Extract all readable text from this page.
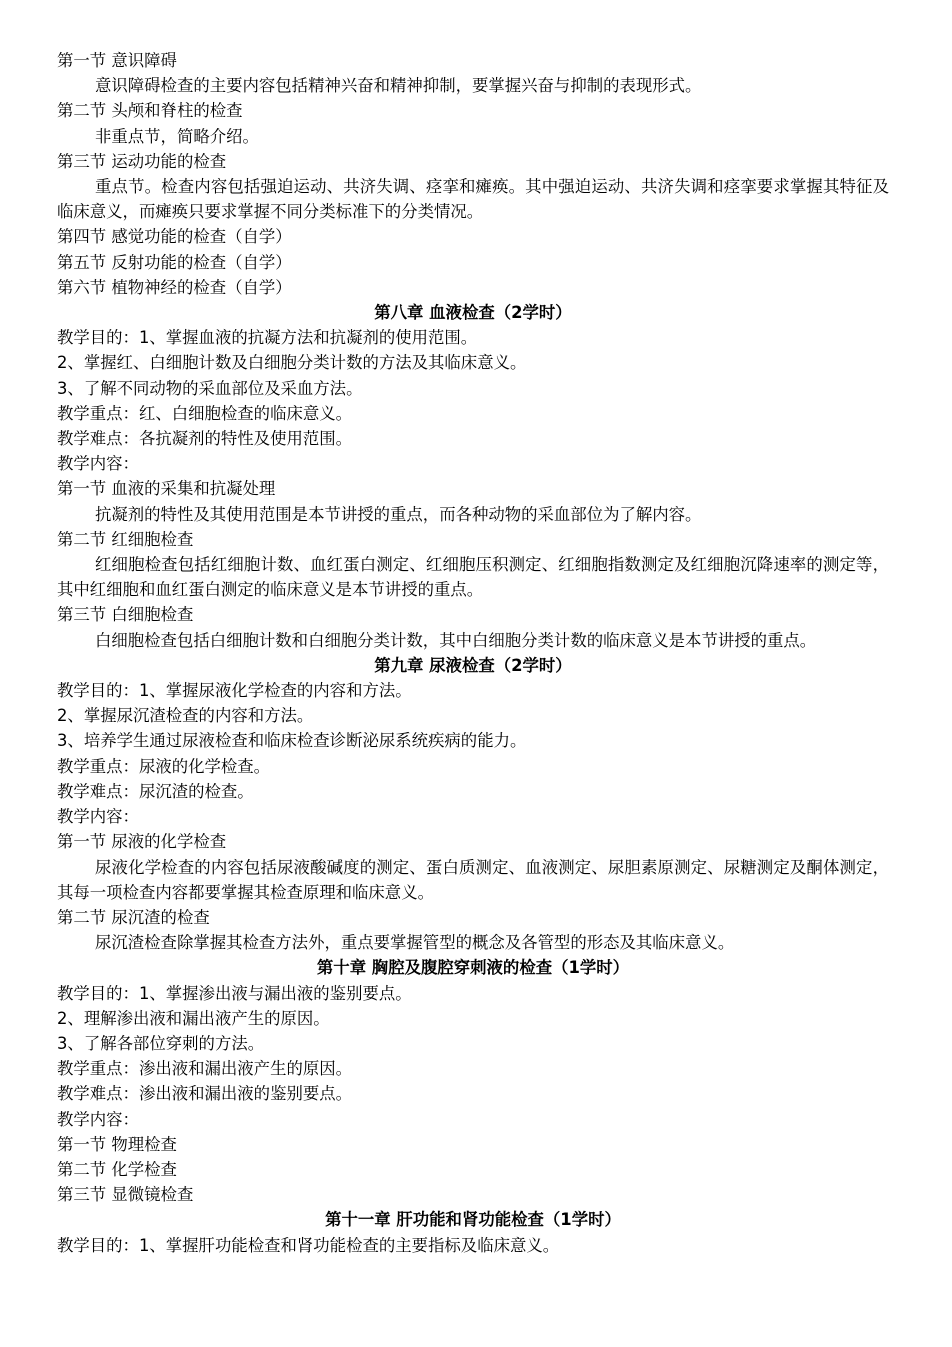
第一节 意识障碍

意识障碍检查的主要内容包括精神兴奋和精神抑制，要掌握兴奋与抑制的表现形式。

第二节 头颅和脊柱的检查

非重点节，简略介绍。

第三节 运动功能的检查

重点节。检查内容包括强迫运动、共济失调、痉挛和瘫痪。其中强迫运动、共济失调和痉挛要求掌握其特征及临床意义，而瘫痪只要求掌握不同分类标准下的分类情况。

第四节 感觉功能的检查（自学）

第五节 反射功能的检查（自学）

第六节 植物神经的检查（自学）

第八章 血液检查（2学时）

教学目的：1、掌握血液的抗凝方法和抗凝剂的使用范围。

2、掌握红、白细胞计数及白细胞分类计数的方法及其临床意义。

3、了解不同动物的采血部位及采血方法。

教学重点：红、白细胞检查的临床意义。

教学难点：各抗凝剂的特性及使用范围。

教学内容：

第一节 血液的采集和抗凝处理

抗凝剂的特性及其使用范围是本节讲授的重点，而各种动物的采血部位为了解内容。

第二节 红细胞检查

红细胞检查包括红细胞计数、血红蛋白测定、红细胞压积测定、红细胞指数测定及红细胞沉降速率的测定等，其中红细胞和血红蛋白测定的临床意义是本节讲授的重点。

第三节 白细胞检查

白细胞检查包括白细胞计数和白细胞分类计数，其中白细胞分类计数的临床意义是本节讲授的重点。

第九章 尿液检查（2学时）

教学目的：1、掌握尿液化学检查的内容和方法。

2、掌握尿沉渣检查的内容和方法。

3、培养学生通过尿液检查和临床检查诊断泌尿系统疾病的能力。

教学重点：尿液的化学检查。

教学难点：尿沉渣的检查。

教学内容：

第一节 尿液的化学检查

尿液化学检查的内容包括尿液酸碱度的测定、蛋白质测定、血液测定、尿胆素原测定、尿糖测定及酮体测定，其每一项检查内容都要掌握其检查原理和临床意义。

第二节 尿沉渣的检查

尿沉渣检查除掌握其检查方法外，重点要掌握管型的概念及各管型的形态及其临床意义。

第十章 胸腔及腹腔穿刺液的检查（1学时）

教学目的：1、掌握渗出液与漏出液的鉴别要点。

2、理解渗出液和漏出液产生的原因。

3、了解各部位穿刺的方法。

教学重点：渗出液和漏出液产生的原因。

教学难点：渗出液和漏出液的鉴别要点。

教学内容：

第一节 物理检查

第二节 化学检查

第三节 显微镜检查

第十一章 肝功能和肾功能检查（1学时）

教学目的：1、掌握肝功能检查和肾功能检查的主要指标及临床意义。
